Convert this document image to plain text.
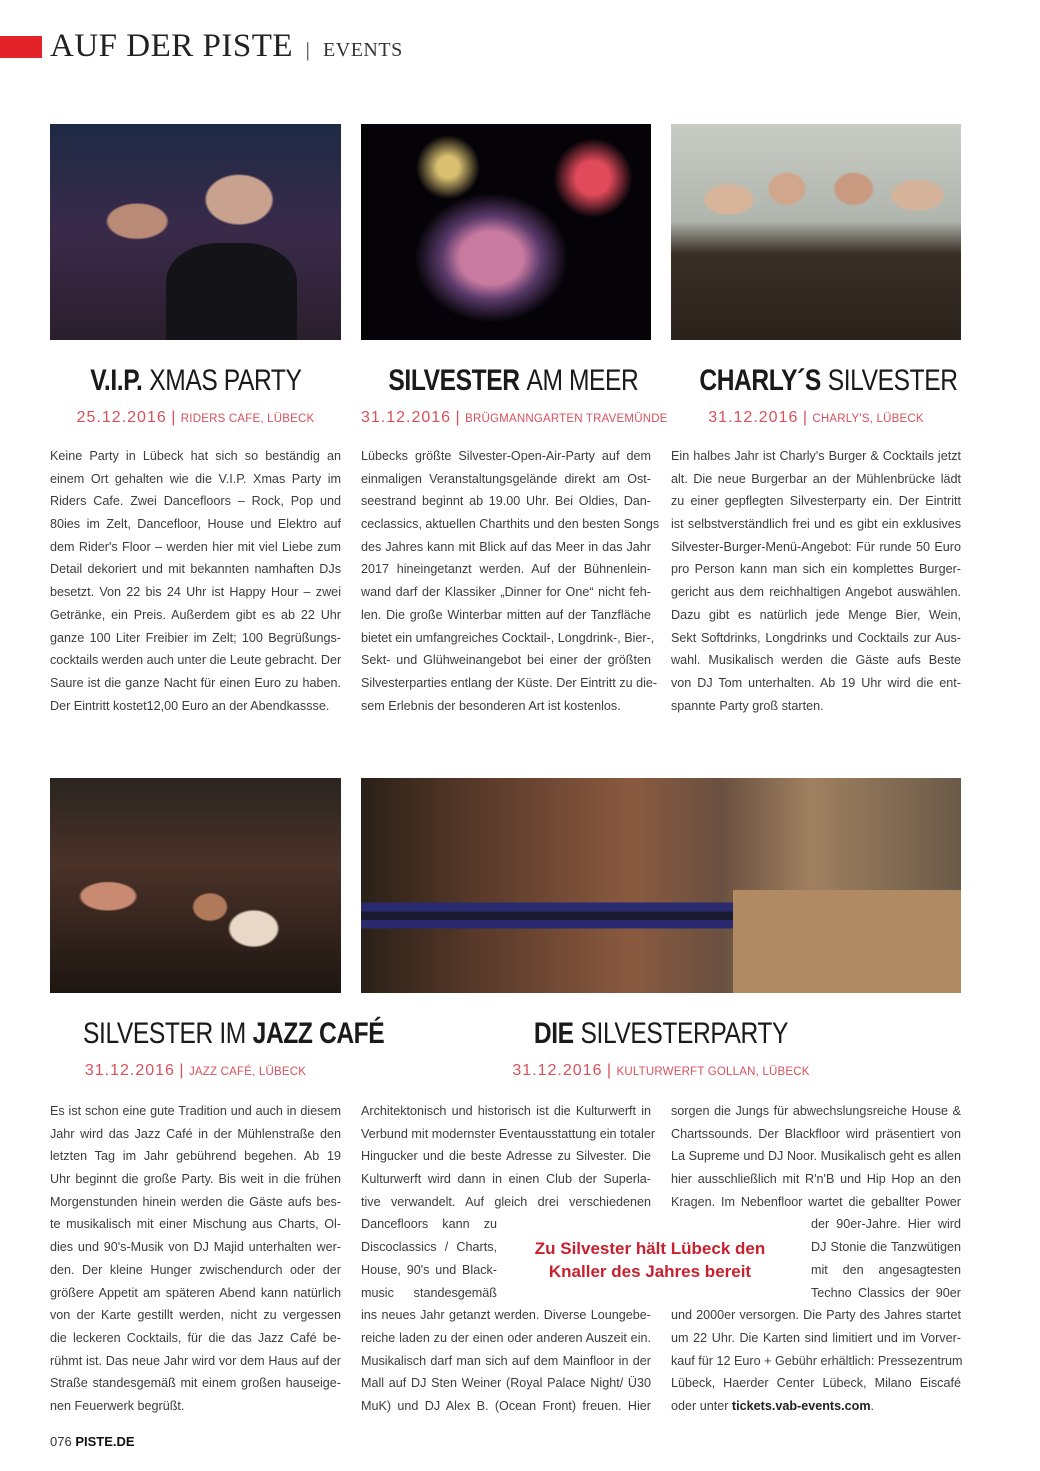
AUF DER PISTE | EVENTS
V.I.P. XMAS PARTY
25.12.2016 | RIDERS CAFE, LÜBECK
Keine Party in Lübeck hat sich so beständig an
einem Ort gehalten wie die V.I.P. Xmas Party im
Riders Cafe. Zwei Dancefloors – Rock, Pop und
80ies im Zelt, Dancefloor, House und Elektro auf
dem Rider's Floor – werden hier mit viel Liebe zum
Detail dekoriert und mit bekannten namhaften DJs
besetzt. Von 22 bis 24 Uhr ist Happy Hour – zwei
Getränke, ein Preis. Außerdem gibt es ab 22 Uhr
ganze 100 Liter Freibier im Zelt; 100 Begrüßungs-
cocktails werden auch unter die Leute gebracht. Der
Saure ist die ganze Nacht für einen Euro zu haben.
Der Eintritt kostet12,00 Euro an der Abendkassse.
SILVESTER AM MEER
31.12.2016 | BRÜGMANNGARTEN TRAVEMÜNDE
Lübecks größte Silvester-Open-Air-Party auf dem
einmaligen Veranstaltungsgelände direkt am Ost-
seestrand beginnt ab 19.00 Uhr. Bei Oldies, Dan-
ceclassics, aktuellen Charthits und den besten Songs
des Jahres kann mit Blick auf das Meer in das Jahr
2017 hineingetanzt werden. Auf der Bühnenlein-
wand darf der Klassiker „Dinner for One“ nicht feh-
len. Die große Winterbar mitten auf der Tanzfläche
bietet ein umfangreiches Cocktail-, Longdrink-, Bier-,
Sekt- und Glühweinangebot bei einer der größten
Silvesterparties entlang der Küste. Der Eintritt zu die-
sem Erlebnis der besonderen Art ist kostenlos.
CHARLY´S SILVESTER
31.12.2016 | CHARLY'S, LÜBECK
Ein halbes Jahr ist Charly's Burger & Cocktails jetzt
alt. Die neue Burgerbar an der Mühlenbrücke lädt
zu einer gepflegten Silvesterparty ein. Der Eintritt
ist selbstverständlich frei und es gibt ein exklusives
Silvester-Burger-Menü-Angebot: Für runde 50 Euro
pro Person kann man sich ein komplettes Burger-
gericht aus dem reichhaltigen Angebot auswählen.
Dazu gibt es natürlich jede Menge Bier, Wein,
Sekt Softdrinks, Longdrinks und Cocktails zur Aus-
wahl. Musikalisch werden die Gäste aufs Beste
von DJ Tom unterhalten. Ab 19 Uhr wird die ent-
spannte Party groß starten.
SILVESTER IM JAZZ CAFÉ
31.12.2016 | JAZZ CAFÉ, LÜBECK
Es ist schon eine gute Tradition und auch in diesem
Jahr wird das Jazz Café in der Mühlenstraße den
letzten Tag im Jahr gebührend begehen. Ab 19
Uhr beginnt die große Party. Bis weit in die frühen
Morgenstunden hinein werden die Gäste aufs bes-
te musikalisch mit einer Mischung aus Charts, Ol-
dies und 90's-Musik von DJ Majid unterhalten wer-
den. Der kleine Hunger zwischendurch oder der
größere Appetit am späteren Abend kann natürlich
von der Karte gestillt werden, nicht zu vergessen
die leckeren Cocktails, für die das Jazz Café be-
rühmt ist. Das neue Jahr wird vor dem Haus auf der
Straße standesgemäß mit einem großen hauseige-
nen Feuerwerk begrüßt.
DIE SILVESTERPARTY
31.12.2016 | KULTURWERFT GOLLAN, LÜBECK
Architektonisch und historisch ist die Kulturwerft in
Verbund mit modernster Eventausstattung ein totaler
Hingucker und die beste Adresse zu Silvester. Die
Kulturwerft wird dann in einen Club der Superla-
tive verwandelt. Auf gleich drei verschiedenen
Dancefloors kann zu
Discoclassics / Charts,
House, 90's und Black-
music standesgemäß
ins neues Jahr getanzt werden. Diverse Loungebe-
reiche laden zu der einen oder anderen Auszeit ein.
Musikalisch darf man sich auf dem Mainfloor in der
Mall auf DJ Sten Weiner (Royal Palace Night/ Ü30
MuK) und DJ Alex B. (Ocean Front) freuen. Hier
Zu Silvester hält Lübeck den Knaller des Jahres bereit
sorgen die Jungs für abwechslungsreiche House &
Chartssounds. Der Blackfloor wird präsentiert von
La Supreme und DJ Noor. Musikalisch geht es allen
hier ausschließlich mit R'n'B und Hip Hop an den
Kragen. Im Nebenfloor wartet die geballter Power
der 90er-Jahre. Hier wird
DJ Stonie die Tanzwütigen
mit den angesagtesten
Techno Classics der 90er
und 2000er versorgen. Die Party des Jahres startet
um 22 Uhr. Die Karten sind limitiert und im Vorver-
kauf für 12 Euro + Gebühr erhältlich: Pressezentrum
Lübeck, Haerder Center Lübeck, Milano Eiscafé
oder unter tickets.vab-events.com.
076 PISTE.DE
